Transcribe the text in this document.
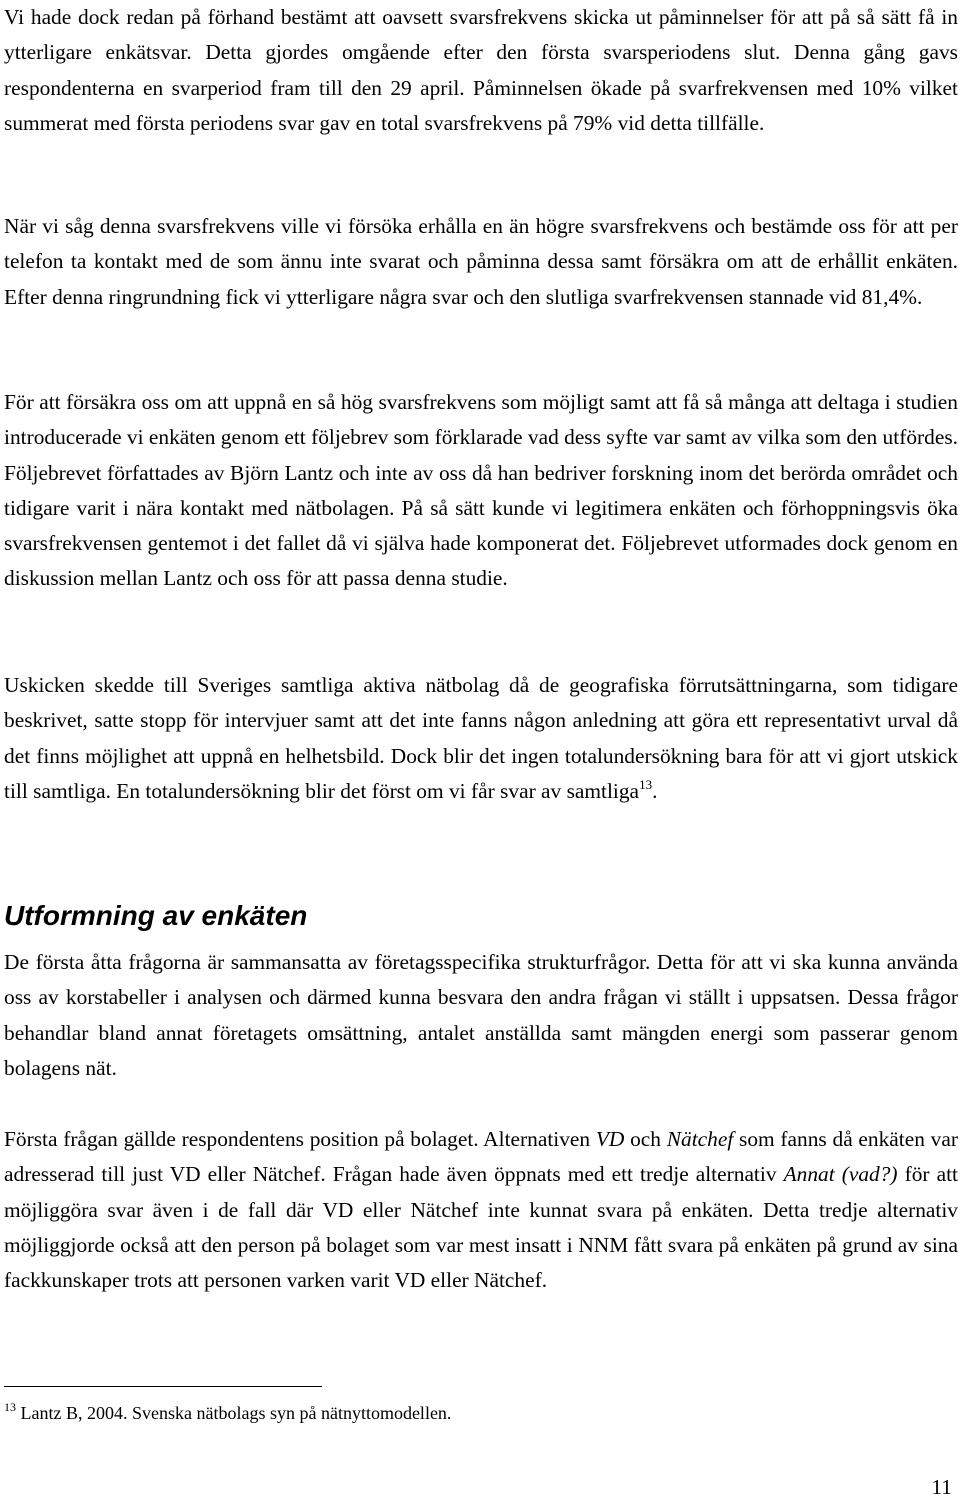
Vi hade dock redan på förhand bestämt att oavsett svarsfrekvens skicka ut påminnelser för att på så sätt få in ytterligare enkätsvar. Detta gjordes omgående efter den första svarsperiodens slut. Denna gång gavs respondenterna en svarperiod fram till den 29 april. Påminnelsen ökade på svarfrekvensen med 10% vilket summerat med första periodens svar gav en total svarsfrekvens på 79% vid detta tillfälle.

När vi såg denna svarsfrekvens ville vi försöka erhålla en än högre svarsfrekvens och bestämde oss för att per telefon ta kontakt med de som ännu inte svarat och påminna dessa samt försäkra om att de erhållit enkäten. Efter denna ringrundning fick vi ytterligare några svar och den slutliga svarfrekvensen stannade vid 81,4%.

För att försäkra oss om att uppnå en så hög svarsfrekvens som möjligt samt att få så många att deltaga i studien introducerade vi enkäten genom ett följebrev som förklarade vad dess syfte var samt av vilka som den utfördes. Följebrevet författades av Björn Lantz och inte av oss då han bedriver forskning inom det berörda området och tidigare varit i nära kontakt med nätbolagen. På så sätt kunde vi legitimera enkäten och förhoppningsvis öka svarsfrekvensen gentemot i det fallet då vi själva hade komponerat det. Följebrevet utformades dock genom en diskussion mellan Lantz och oss för att passa denna studie.

Uskicken skedde till Sveriges samtliga aktiva nätbolag då de geografiska förrutsättningarna, som tidigare beskrivet, satte stopp för intervjuer samt att det inte fanns någon anledning att göra ett representativt urval då det finns möjlighet att uppnå en helhetsbild. Dock blir det ingen totalundersökning bara för att vi gjort utskick till samtliga. En totalundersökning blir det först om vi får svar av samtliga$^{13}$.

Utformning av enkäten

De första åtta frågorna är sammansatta av företagsspecifika strukturfrågor. Detta för att vi ska kunna använda oss av korstabeller i analysen och därmed kunna besvara den andra frågan vi ställt i uppsatsen. Dessa frågor behandlar bland annat företagets omsättning, antalet anställda samt mängden energi som passerar genom bolagens nät.

Första frågan gällde respondentens position på bolaget. Alternativen VD och Nätchef som fanns då enkäten var adresserad till just VD eller Nätchef. Frågan hade även öppnats med ett tredje alternativ Annat (vad?) för att möjliggöra svar även i de fall där VD eller Nätchef inte kunnat svara på enkäten. Detta tredje alternativ möjliggjorde också att den person på bolaget som var mest insatt i NNM fått svara på enkäten på grund av sina fackkunskaper trots att personen varken varit VD eller Nätchef.

$^{13}$ Lantz B, 2004. Svenska nätbolags syn på nätnyttomodellen.

11
